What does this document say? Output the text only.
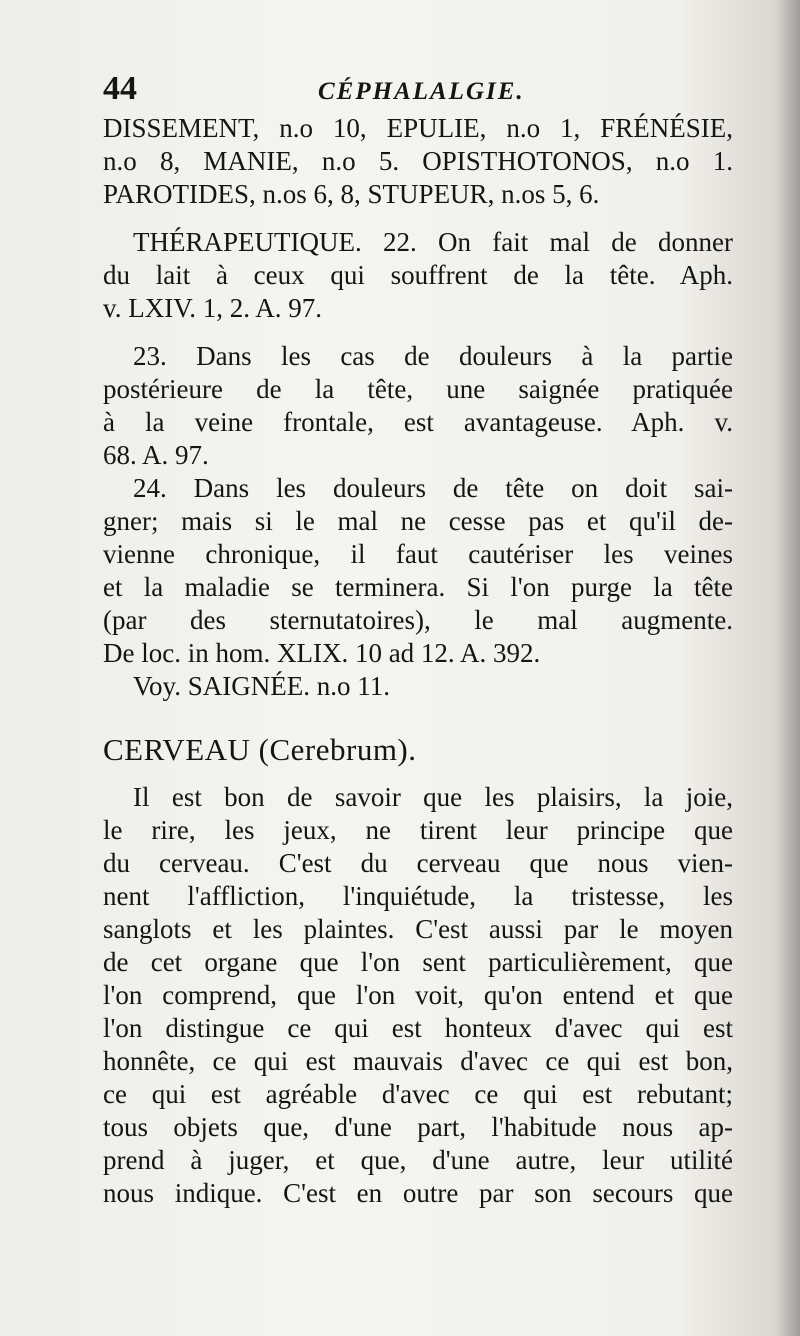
44	CÉPHALALGIE.
DISSEMENT, n.o 10, EPULIE, n.o 1, FRÉNÉSIE,
n.o 8, MANIE, n.o 5. OPISTHOTONOS, n.o 1.
PAROTIDES, n.os 6, 8, STUPEUR, n.os 5, 6.
THÉRAPEUTIQUE. 22. On fait mal de donner
du lait à ceux qui souffrent de la tête. Aph.
v. LXIV. 1, 2. A. 97.
23. Dans les cas de douleurs à la partie
postérieure de la tête, une saignée pratiquée
à la veine frontale, est avantageuse. Aph. v.
68. A. 97.
24. Dans les douleurs de tête on doit sai-
gner; mais si le mal ne cesse pas et qu'il de-
vienne chronique, il faut cautériser les veines
et la maladie se terminera. Si l'on purge la tête
(par des sternutatoires), le mal augmente.
De loc. in hom. XLIX. 10 ad 12. A. 392.
Voy. SAIGNÉE. n.o 11.
CERVEAU (Cerebrum).
Il est bon de savoir que les plaisirs, la joie,
le rire, les jeux, ne tirent leur principe que
du cerveau. C'est du cerveau que nous vien-
nent l'affliction, l'inquiétude, la tristesse, les
sanglots et les plaintes. C'est aussi par le moyen
de cet organe que l'on sent particulièrement, que
l'on comprend, que l'on voit, qu'on entend et que
l'on distingue ce qui est honteux d'avec qui est
honnête, ce qui est mauvais d'avec ce qui est bon,
ce qui est agréable d'avec ce qui est rebutant;
tous objets que, d'une part, l'habitude nous ap-
prend à juger, et que, d'une autre, leur utilité
nous indique. C'est en outre par son secours que
